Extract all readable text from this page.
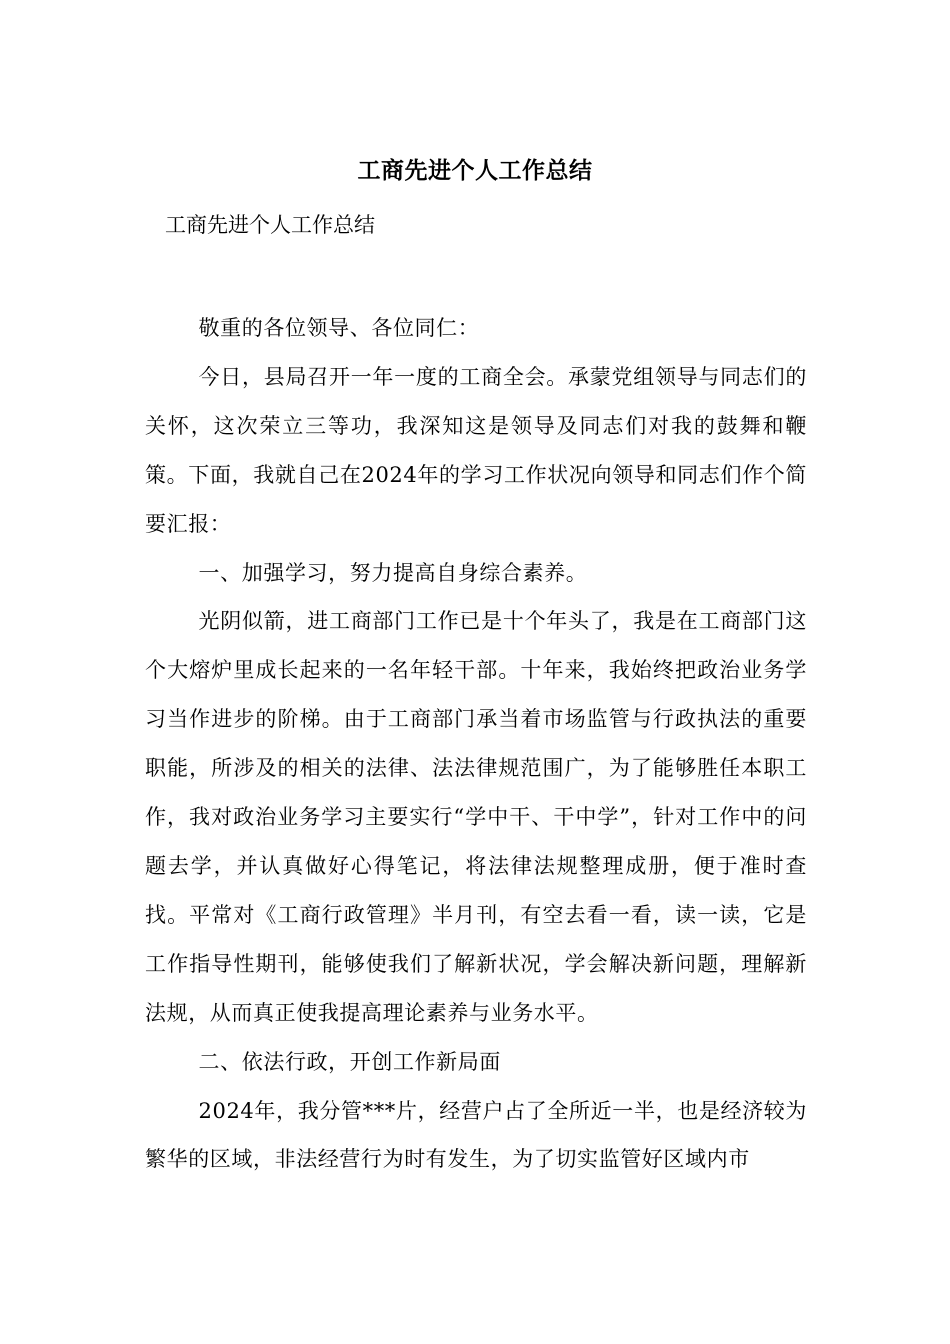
工商先进个人工作总结
工商先进个人工作总结

敬重的各位领导、各位同仁：

今日，县局召开一年一度的工商全会。承蒙党组领导与同志们的关怀，这次荣立三等功，我深知这是领导及同志们对我的鼓舞和鞭策。下面，我就自己在2024年的学习工作状况向领导和同志们作个简要汇报：

一、加强学习，努力提高自身综合素养。

光阴似箭，进工商部门工作已是十个年头了，我是在工商部门这个大熔炉里成长起来的一名年轻干部。十年来，我始终把政治业务学习当作进步的阶梯。由于工商部门承当着市场监管与行政执法的重要职能，所涉及的相关的法律、法法律规范围广，为了能够胜任本职工作，我对政治业务学习主要实行“学中干、干中学”，针对工作中的问题去学，并认真做好心得笔记，将法律法规整理成册，便于准时查找。平常对《工商行政管理》半月刊，有空去看一看，读一读，它是工作指导性期刊，能够使我们了解新状况，学会解决新问题，理解新法规，从而真正使我提高理论素养与业务水平。

二、依法行政，开创工作新局面

2024年，我分管***片，经营户占了全所近一半，也是经济较为繁华的区域，非法经营行为时有发生，为了切实监管好区域内市
